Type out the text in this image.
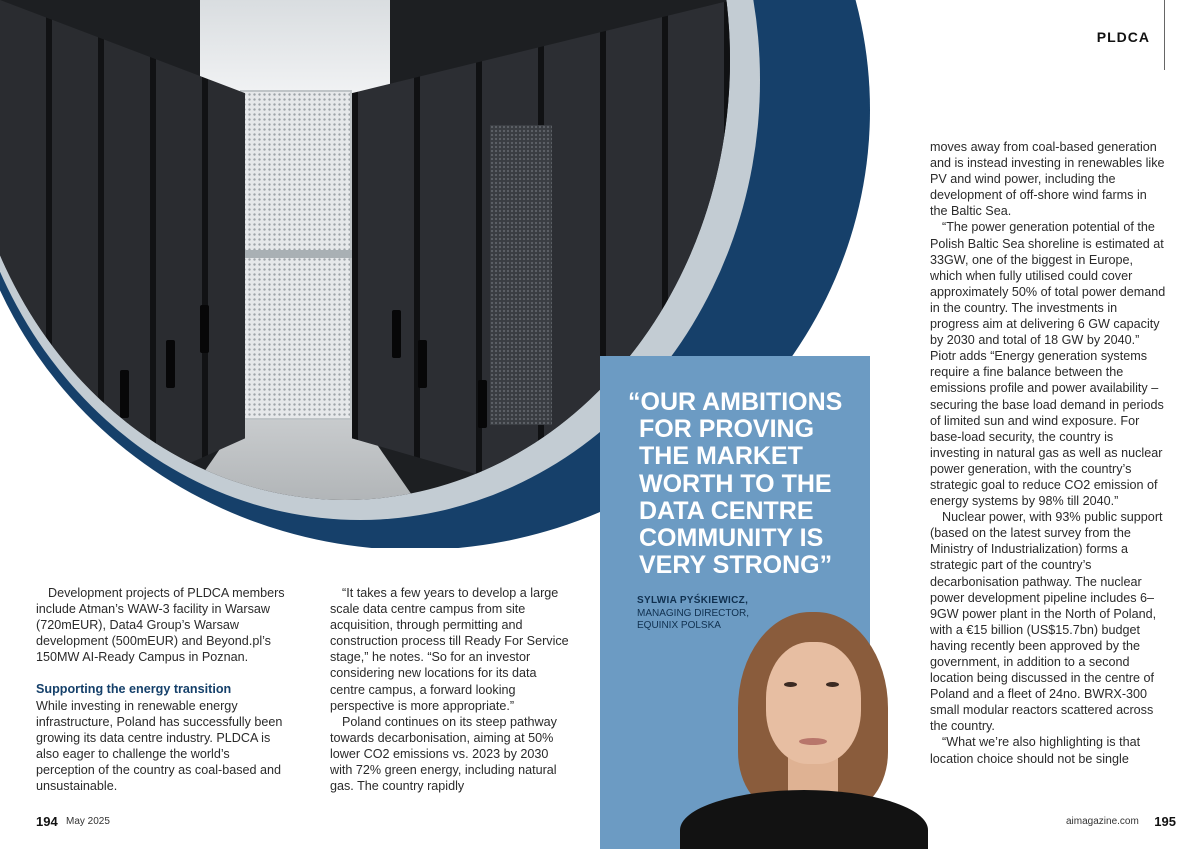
PLDCA

Development projects of PLDCA members include Atman’s WAW-3 facility in Warsaw (720mEUR), Data4 Group’s Warsaw development (500mEUR) and Beyond.pl’s 150MW AI-Ready Campus in Poznan.

Supporting the energy transition

While investing in renewable energy infrastructure, Poland has successfully been growing its data centre industry. PLDCA is also eager to challenge the world’s perception of the country as coal-based and unsustainable.

“It takes a few years to develop a large scale data centre campus from site acquisition, through permitting and construction process till Ready For Service stage,” he notes. “So for an investor considering new locations for its data centre campus, a forward looking perspective is more appropriate.”

Poland continues on its steep pathway towards decarbonisation, aiming at 50% lower CO2 emissions vs. 2023 by 2030 with 72% green energy, including natural gas. The country rapidly

moves away from coal-based generation and is instead investing in renewables like PV and wind power, including the development of off-shore wind farms in the Baltic Sea.

“The power generation potential of the Polish Baltic Sea shoreline is estimated at 33GW, one of the biggest in Europe, which when fully utilised could cover approximately 50% of total power demand in the country. The investments in progress aim at delivering 6 GW capacity by 2030 and total of 18 GW by 2040.” Piotr adds “Energy generation systems require a fine balance between the emissions profile and power availability – securing the base load demand in periods of limited sun and wind exposure. For base-load security, the country is investing in natural gas as well as nuclear power generation, with the country’s strategic goal to reduce CO2 emission of energy systems by 98% till 2040.”

Nuclear power, with 93% public support (based on the latest survey from the Ministry of Industrialization) forms a strategic part of the country’s decarbonisation pathway. The nuclear power development pipeline includes 6–9GW power plant in the North of Poland, with a €15 billion (US$15.7bn) budget having recently been approved by the government, in addition to a second location being discussed in the centre of Poland and a fleet of 24no. BWRX-300 small modular reactors scattered across the country.

“What we’re also highlighting is that location choice should not be single

“OUR AMBITIONS FOR PROVING THE MARKET WORTH TO THE DATA CENTRE COMMUNITY IS VERY STRONG”

SYLWIA PYŚKIEWICZ,
MANAGING DIRECTOR,
EQUINIX POLSKA
194 May 2025	aimagazine.com 195
